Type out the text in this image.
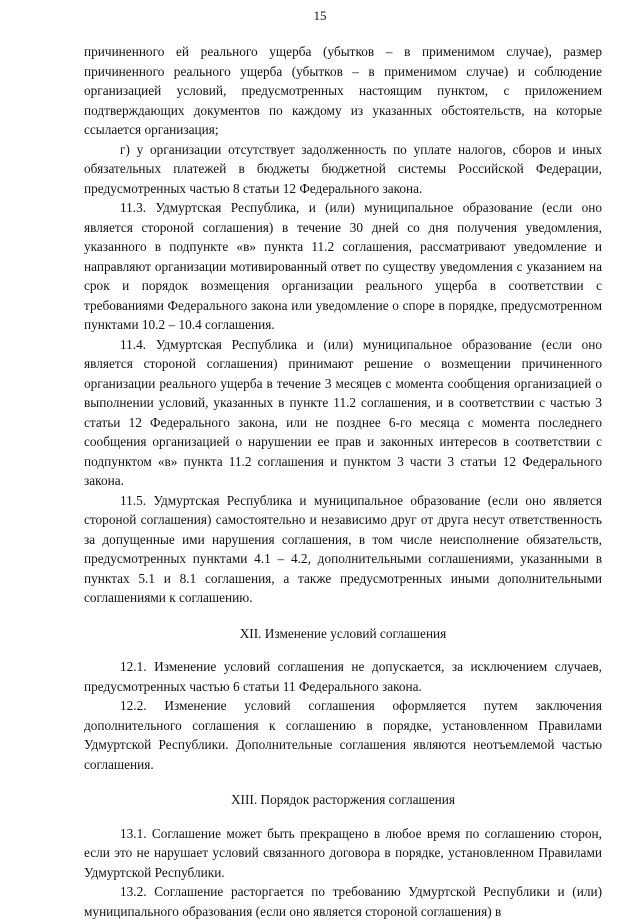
15

причиненного ей реального ущерба (убытков – в применимом случае), размер причиненного реального ущерба (убытков – в применимом случае) и соблюдение организацией условий, предусмотренных настоящим пунктом, с приложением подтверждающих документов по каждому из указанных обстоятельств, на которые ссылается организация;

г) у организации отсутствует задолженность по уплате налогов, сборов и иных обязательных платежей в бюджеты бюджетной системы Российской Федерации, предусмотренных частью 8 статьи 12 Федерального закона.

11.3. Удмуртская Республика, и (или) муниципальное образование (если оно является стороной соглашения) в течение 30 дней со дня получения уведомления, указанного в подпункте «в» пункта 11.2 соглашения, рассматривают уведомление и направляют организации мотивированный ответ по существу уведомления с указанием на срок и порядок возмещения организации реального ущерба в соответствии с требованиями Федерального закона или уведомление о споре в порядке, предусмотренном пунктами 10.2 – 10.4 соглашения.

11.4. Удмуртская Республика и (или) муниципальное образование (если оно является стороной соглашения) принимают решение о возмещении причиненного организации реального ущерба в течение 3 месяцев с момента сообщения организацией о выполнении условий, указанных в пункте 11.2 соглашения, и в соответствии с частью 3 статьи 12 Федерального закона, или не позднее 6-го месяца с момента последнего сообщения организацией о нарушении ее прав и законных интересов в соответствии с подпунктом «в» пункта 11.2 соглашения и пунктом 3 части 3 статьи 12 Федерального закона.

11.5. Удмуртская Республика и муниципальное образование (если оно является стороной соглашения) самостоятельно и независимо друг от друга несут ответственность за допущенные ими нарушения соглашения, в том числе неисполнение обязательств, предусмотренных пунктами 4.1 – 4.2, дополнительными соглашениями, указанными в пунктах 5.1 и 8.1 соглашения, а также предусмотренных иными дополнительными соглашениями к соглашению.

XII. Изменение условий соглашения

12.1. Изменение условий соглашения не допускается, за исключением случаев, предусмотренных частью 6 статьи 11 Федерального закона.

12.2. Изменение условий соглашения оформляется путем заключения дополнительного соглашения к соглашению в порядке, установленном Правилами Удмуртской Республики. Дополнительные соглашения являются неотъемлемой частью соглашения.

XIII. Порядок расторжения соглашения

13.1. Соглашение может быть прекращено в любое время по соглашению сторон, если это не нарушает условий связанного договора в порядке, установленном Правилами Удмуртской Республики.

13.2. Соглашение расторгается по требованию Удмуртской Республики и (или) муниципального образования (если оно является стороной соглашения) в
